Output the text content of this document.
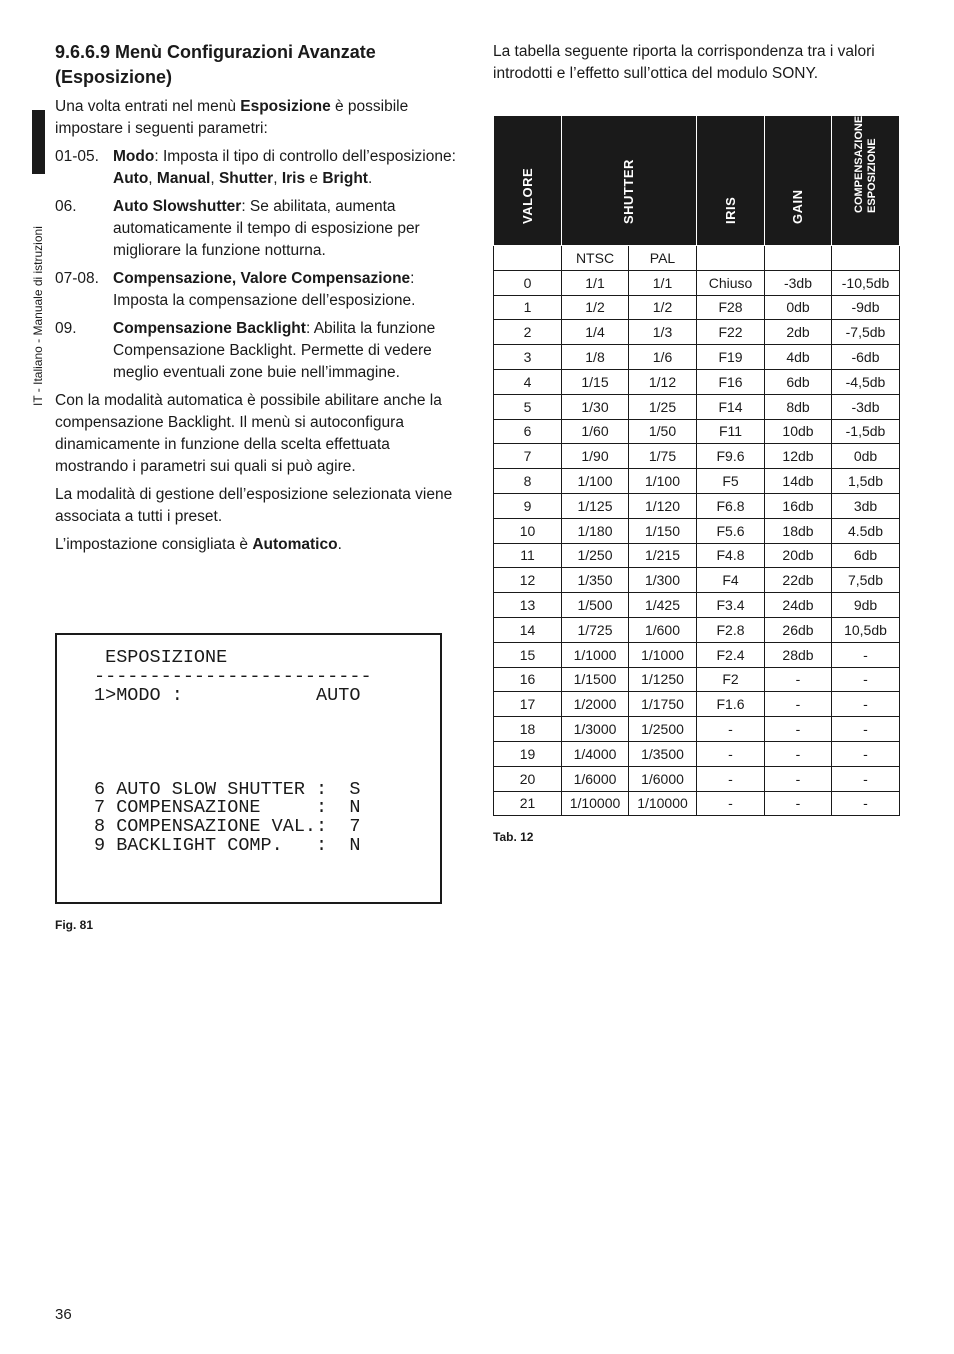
IT - Italiano - Manuale di istruzioni
9.6.6.9 Menù Configurazioni Avanzate
(Esposizione)

Una volta entrati nel menù Esposizione è possibile impostare i seguenti parametri:

01-05. Modo: Imposta il tipo di controllo dell’esposizione: Auto, Manual, Shutter, Iris e Bright.
06.	Auto Slowshutter: Se abilitata, aumenta automaticamente il tempo di esposizione per migliorare la funzione notturna.
07-08. Compensazione, Valore Compensazione: Imposta la compensazione dell’esposizione.
09.	Compensazione Backlight: Abilita la funzione Compensazione Backlight. Permette di vedere meglio eventuali zone buie nell’immagine.

Con la modalità automatica è possibile abilitare anche la compensazione Backlight. Il menù si autoconfigura dinamicamente in funzione della scelta effettuata mostrando i parametri sui quali si può agire.

La modalità di gestione dell’esposizione selezionata viene associata a tutti i preset.

L’impostazione consigliata è Automatico.

ESPOSIZIONE
-------------------------
1>MODO :            AUTO

6 AUTO SLOW SHUTTER :  S
7 COMPENSAZIONE     :  N
8 COMPENSAZIONE VAL.:  7
9 BACKLIGHT COMP.   :  N
Fig. 81
La tabella seguente riporta la corrispondenza tra i valori introdotti e l’effetto sull’ottica del modulo SONY.
VALORE	SHUTTER		IRIS	GAIN	COMPENSAZIONE ESPOSIZIONE

	NTSC	PAL			
0	1/1	1/1	Chiuso	-3db	-10,5db
1	1/2	1/2	F28	0db	-9db
2	1/4	1/3	F22	2db	-7,5db
3	1/8	1/6	F19	4db	-6db
4	1/15	1/12	F16	6db	-4,5db
5	1/30	1/25	F14	8db	-3db
6	1/60	1/50	F11	10db	-1,5db
7	1/90	1/75	F9.6	12db	0db
8	1/100	1/100	F5	14db	1,5db
9	1/125	1/120	F6.8	16db	3db
10	1/180	1/150	F5.6	18db	4.5db
11	1/250	1/215	F4.8	20db	6db
12	1/350	1/300	F4	22db	7,5db
13	1/500	1/425	F3.4	24db	9db
14	1/725	1/600	F2.8	26db	10,5db
15	1/1000	1/1000	F2.4	28db	-
16	1/1500	1/1250	F2	-	-
17	1/2000	1/1750	F1.6	-	-
18	1/3000	1/2500	-	-	-
19	1/4000	1/3500	-	-	-
20	1/6000	1/6000	-	-	-
21	1/10000	1/10000	-	-	-
Tab. 12
36
